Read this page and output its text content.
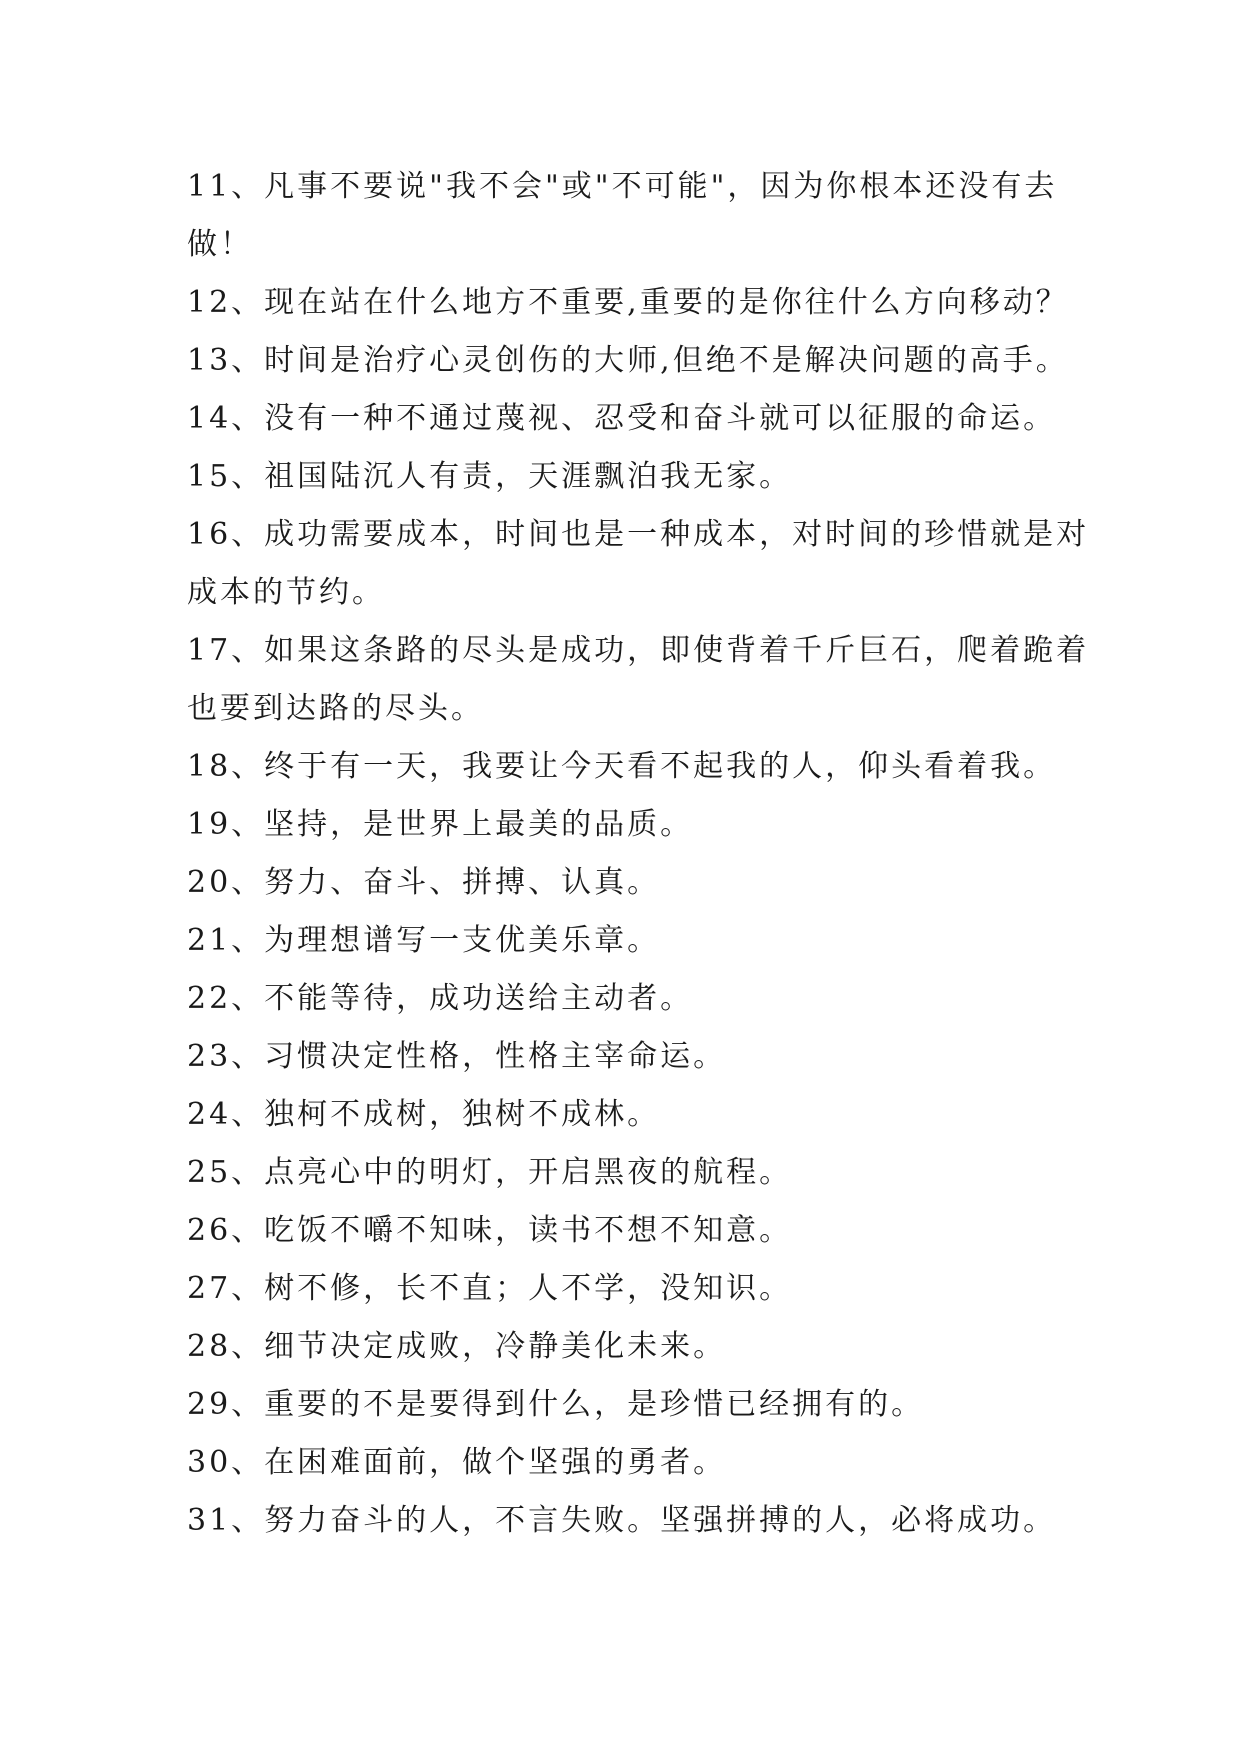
11、凡事不要说"我不会"或"不可能"，因为你根本还没有去做！

12、现在站在什么地方不重要,重要的是你往什么方向移动？

13、时间是治疗心灵创伤的大师,但绝不是解决问题的高手。

14、没有一种不通过蔑视、忍受和奋斗就可以征服的命运。

15、祖国陆沉人有责，天涯飘泊我无家。

16、成功需要成本，时间也是一种成本，对时间的珍惜就是对成本的节约。

17、如果这条路的尽头是成功，即使背着千斤巨石，爬着跪着也要到达路的尽头。

18、终于有一天，我要让今天看不起我的人，仰头看着我。

19、坚持，是世界上最美的品质。

20、努力、奋斗、拼搏、认真。

21、为理想谱写一支优美乐章。

22、不能等待，成功送给主动者。

23、习惯决定性格，性格主宰命运。

24、独柯不成树，独树不成林。

25、点亮心中的明灯，开启黑夜的航程。

26、吃饭不嚼不知味，读书不想不知意。

27、树不修，长不直；人不学，没知识。

28、细节决定成败，冷静美化未来。

29、重要的不是要得到什么，是珍惜已经拥有的。

30、在困难面前，做个坚强的勇者。

31、努力奋斗的人，不言失败。坚强拼搏的人，必将成功。
